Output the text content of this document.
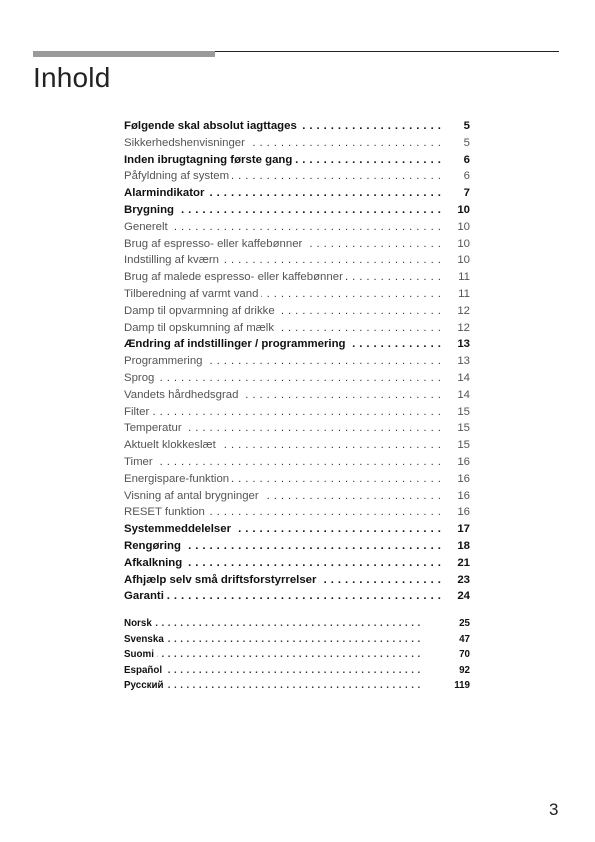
Inhold
. . .
Følgende skal absolut iagttages	5
. . .
Sikkerhedshenvisninger	5
. . .
Inden ibrugtagning første gang	6
. . .
Påfyldning af system	6
. . .
Alarmindikator	7
. . .
Brygning	10
. . .
Generelt	10
. . .
Brug af espresso- eller kaffebønner	10
. . .
Indstilling af kværn	10
. . .
Brug af malede espresso- eller kaffebønner	11
. . .
Tilberedning af varmt vand	11
. . .
Damp til opvarmning af drikke	12
. . .
Damp til opskumning af mælk	12
. . .
Ændring af indstillinger / programmering	13
. . .
Programmering	13
. . .
Sprog	14
. . .
Vandets hårdhedsgrad	14
. . .
Filter	15
. . .
Temperatur	15
. . .
Aktuelt klokkeslæt	15
. . .
Timer	16
. . .
Energispare-funktion	16
. . .
Visning af antal brygninger	16
. . .
RESET funktion	16
. . .
Systemmeddelelser	17
. . .
Rengøring	18
. . .
Afkalkning	21
. . .
Afhjælp selv små driftsforstyrrelser	23
. . .
Garanti	24
. . .
Norsk	25
. . .
Svenska	47
. . .
Suomi	70
. . .
Español	92
. . .
Русский	119
3
